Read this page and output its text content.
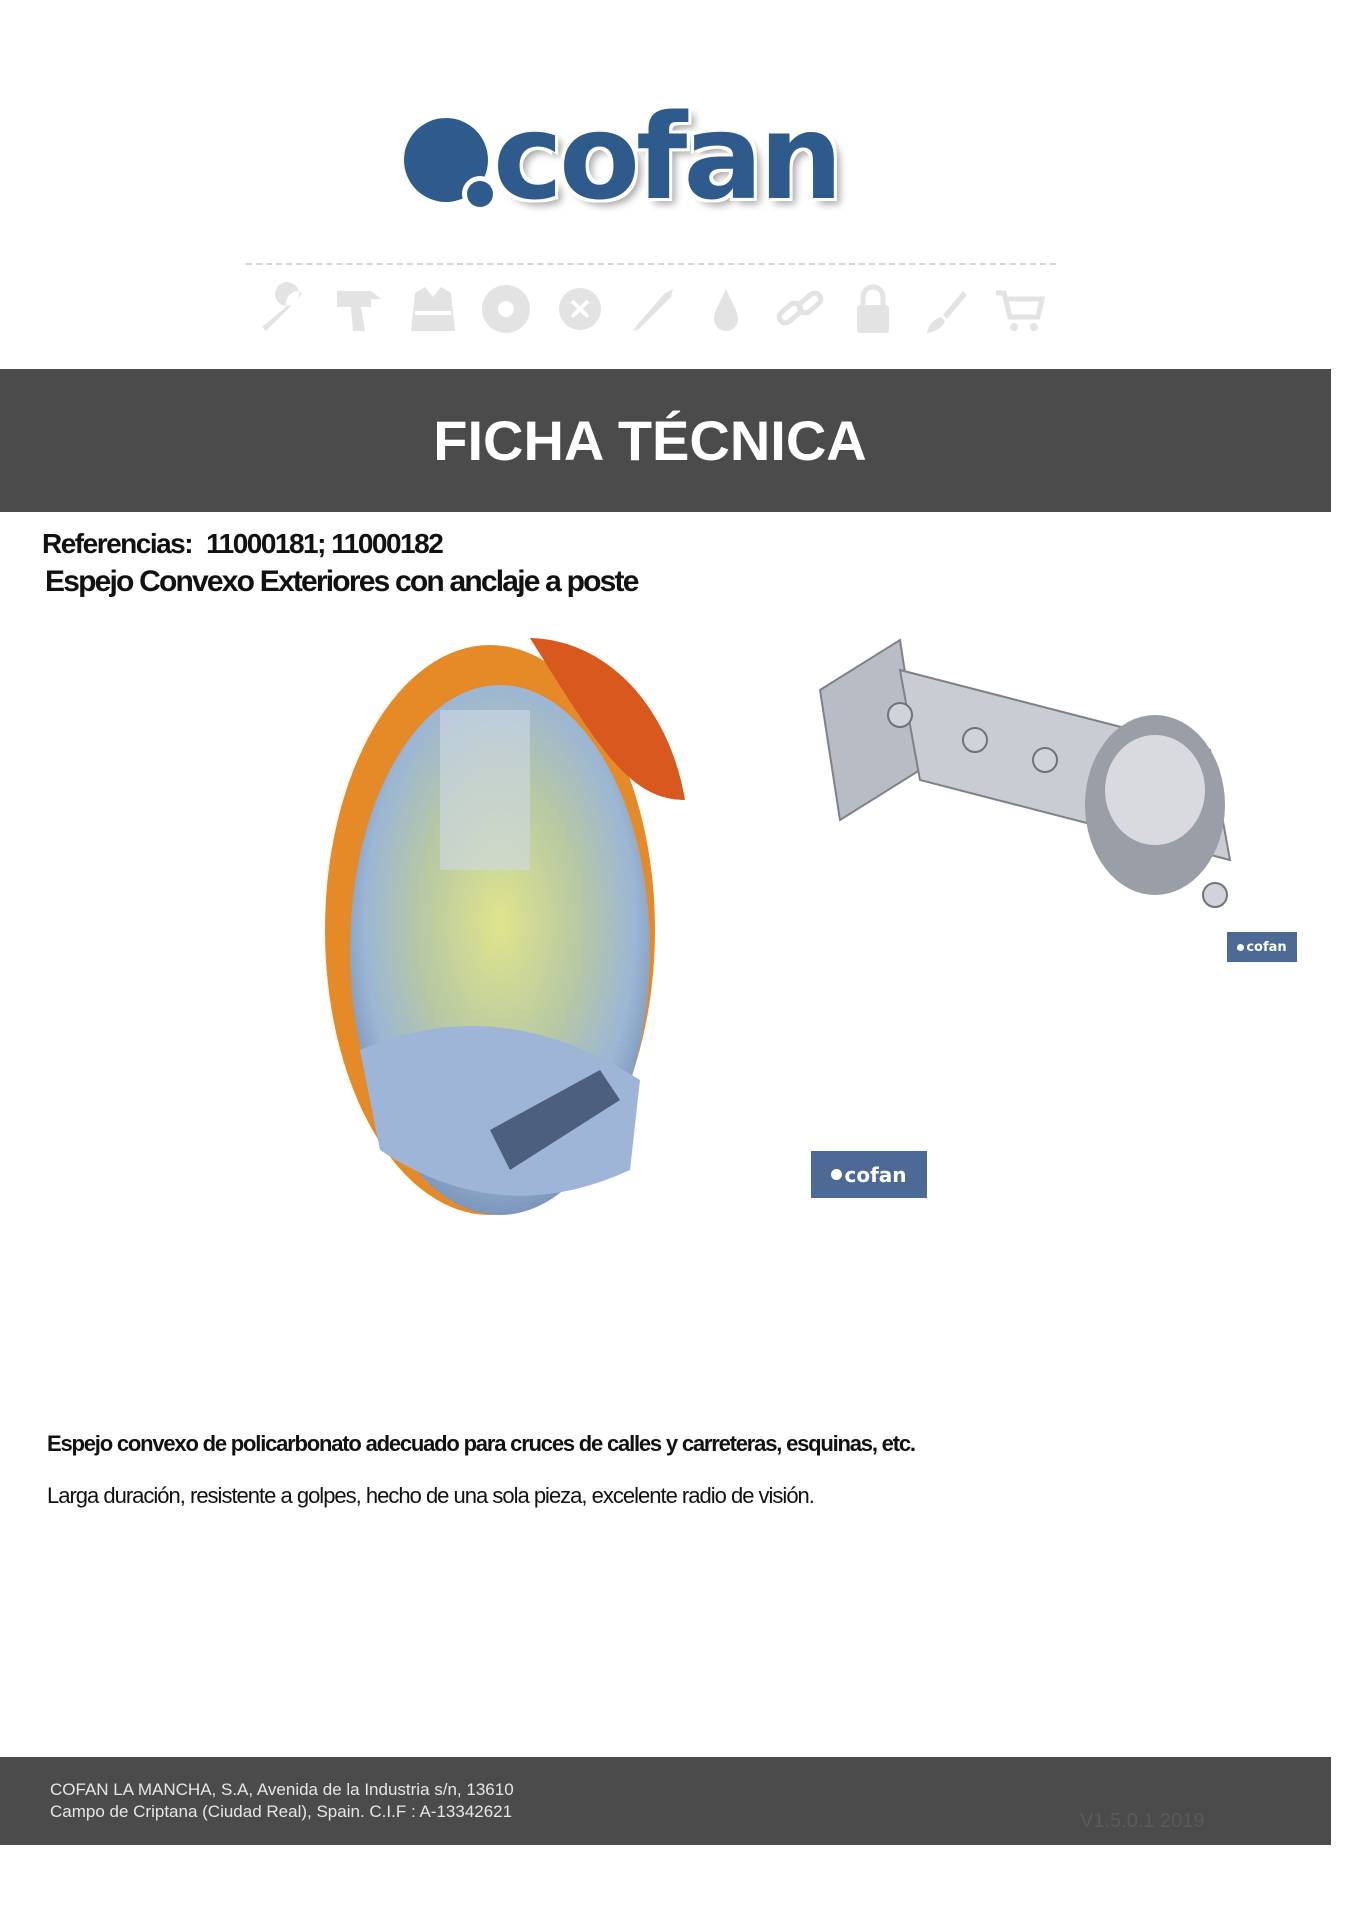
cofan
FICHA TÉCNICA
Referencias: 11000181; 11000182
Espejo Convexo Exteriores con anclaje a poste
cofan
cofan
Espejo convexo de policarbonato adecuado para cruces de calles y carreteras, esquinas, etc.
Larga duración, resistente a golpes, hecho de una sola pieza, excelente radio de visión.
COFAN LA MANCHA, S.A, Avenida de la Industria s/n, 13610
Campo de Criptana (Ciudad Real), Spain. C.I.F : A-13342621	V1.5.0.1 2019
